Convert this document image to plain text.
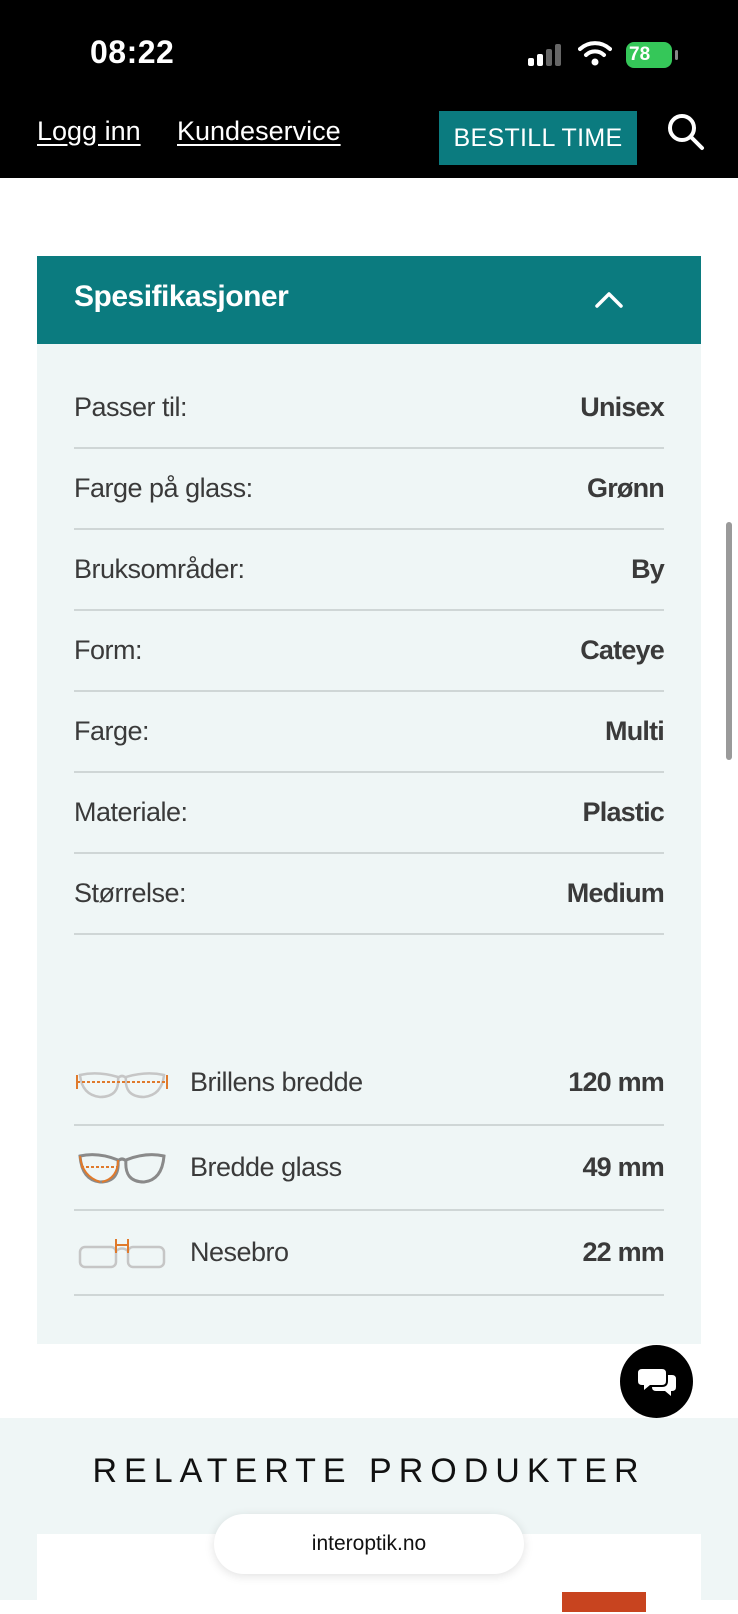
08:22	78
Logg inn Kundeservice	BESTILL TIME
Spesifikasjoner
Passer til:	Unisex
Farge på glass:	Grønn
Bruksområder:	By
Form:	Cateye
Farge:	Multi
Materiale:	Plastic
Størrelse:	Medium
Brillens bredde	120 mm
Bredde glass	49 mm
Nesebro	22 mm
RELATERTE PRODUKTER
interoptik.no
